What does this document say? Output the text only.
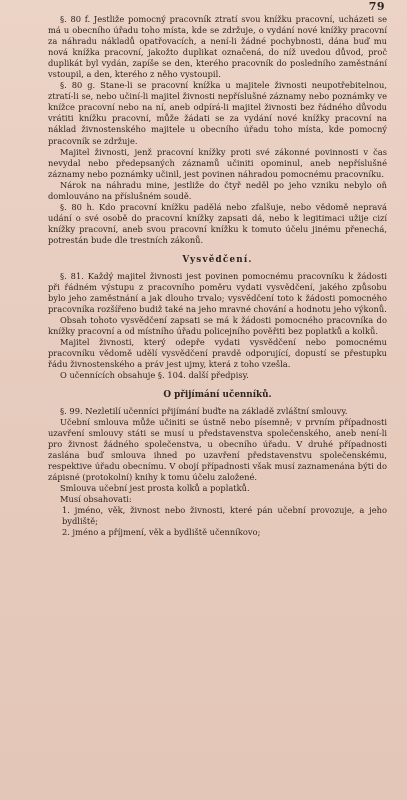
79

§. 80 f. Jestliže pomocný pracovník ztratí svou knížku pracovní, ucházeti se má u obecního úřadu toho místa, kde se zdržuje, o vydání nové knížky pracovní za náhradu nákladů opatřovacích, a není-li žádné pochybnosti, dána buď mu nová knížka pracovní, jakožto duplikat označená, do níž uvedou důvod, proč duplikát byl vydán, zapíše se den, kterého pracovník do posledního zaměstnání vstoupil, a den, kterého z něho vystoupil.

§. 80 g. Stane-li se pracovní knížka u majitele živnosti neupotřebitelnou, ztratí-li se, nebo učiní-li majitel živnosti nepříslušné záznamy nebo poznámky ve knížce pracovní nebo na ní, aneb odpírá-li majitel živnosti bez řádného důvodu vrátiti knížku pracovní, může žádati se za vydání nové knížky pracovní na náklad živnostenského majitele u obecního úřadu toho místa, kde pomocný pracovník se zdržuje.

Majitel živnosti, jenž pracovní knížky proti své zákonné povinnosti v čas nevydal nebo předepsaných záznamů učiniti opominul, aneb nepříslušné záznamy nebo poznámky učinil, jest povinen náhradou pomocnému pracovníku.

Nárok na náhradu mine, jestliže do čtyř neděl po jeho vzniku nebylo oň domlouváno na příslušném soudě.

§. 80 h. Kdo pracovní knížku padělá nebo zfalšuje, nebo vědomě nepravá udání o své osobě do pracovní knížky zapsati dá, nebo k legitimaci užije cizí knížky pracovní, aneb svou pracovní knížku k tomuto účelu jinému přenechá, potrestán bude dle trestních zákonů.

Vysvědčení.

§. 81. Každý majitel živnosti jest povinen pomocnému pracovníku k žádosti při řádném výstupu z pracovního poměru vydati vysvědčení, jakého způsobu bylo jeho zaměstnání a jak dlouho trvalo; vysvědčení toto k žádosti pomocného pracovníka rozšířeno budiž také na jeho mravné chování a hodnotu jeho výkonů.

Obsah tohoto vysvědčení zapsati se má k žádosti pomocného pracovníka do knížky pracovní a od místního úřadu policejního pověřiti bez poplatků a kolků.

Majitel živnosti, který odepře vydati vysvědčení nebo pomocnému pracovníku vědomě udělí vysvědčení pravdě odporující, dopustí se přestupku řádu živnostenského a práv jest ujmy, která z toho vzešla.

O učennících obsahuje §. 104. další předpisy.

O přijímání učenníků.

§. 99. Nezletilí učenníci přijímání buďte na základě zvláštní smlouvy.

Učební smlouva může učiniti se ústně nebo písemně; v prvním případnosti uzavření smlouvy státi se musí u představenstva společenského, aneb není-li pro živnost žádného společenstva, u obecního úřadu. V druhé případnosti zaslána buď smlouva ihned po uzavření představenstvu společenskému, respektive úřadu obecnímu. V obojí případnosti však musí zaznamenána býti do zápisné (protokolní) knihy k tomu účelu založené.

Smlouva učební jest prosta kolků a poplatků.

Musí obsahovati:

1. jméno, věk, živnost nebo živnosti, které pán učební provozuje, a jeho bydliště;

2. jméno a příjmení, věk a bydliště učenníkovo;
